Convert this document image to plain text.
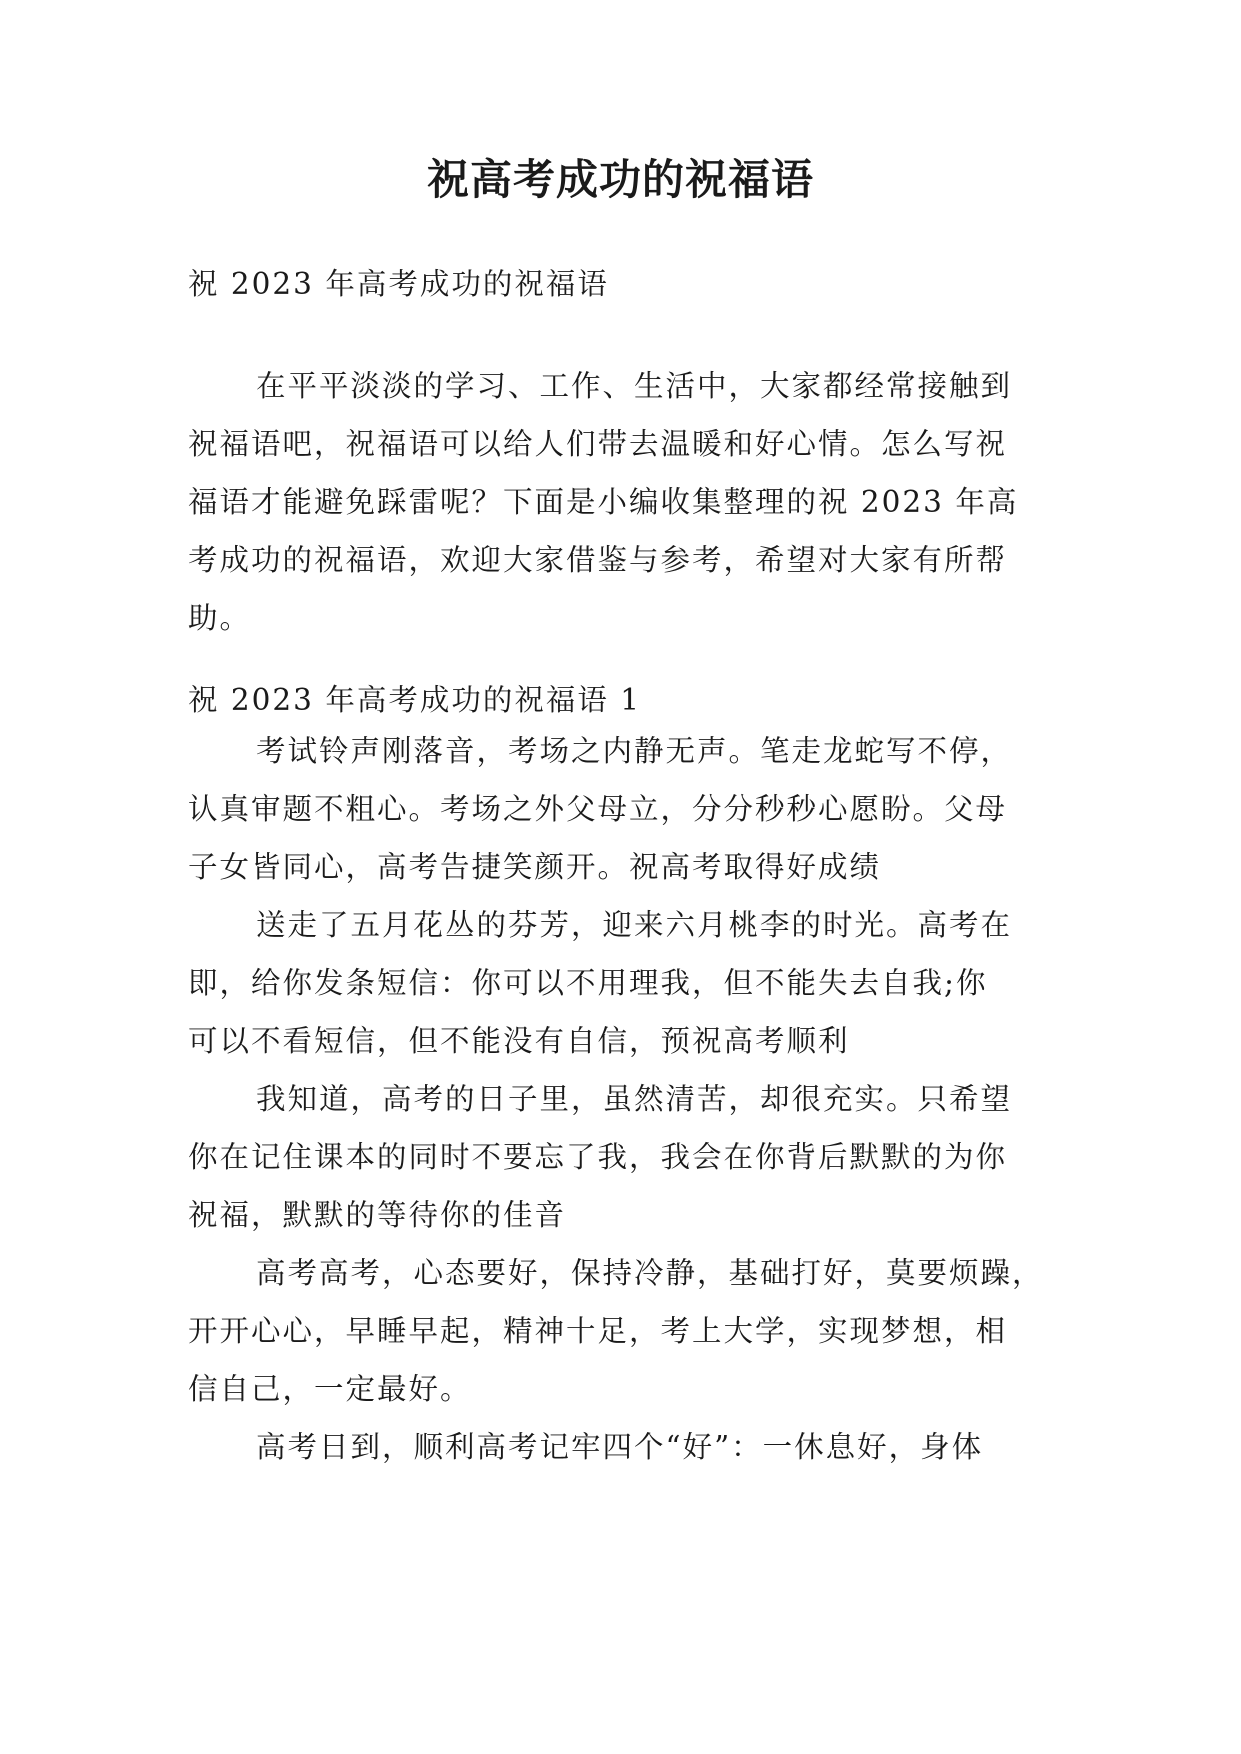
祝高考成功的祝福语

祝 2023 年高考成功的祝福语

在平平淡淡的学习、工作、生活中，大家都经常接触到
祝福语吧，祝福语可以给人们带去温暖和好心情。怎么写祝
福语才能避免踩雷呢？下面是小编收集整理的祝 2023 年高
考成功的祝福语，欢迎大家借鉴与参考，希望对大家有所帮
助。

祝 2023 年高考成功的祝福语 1

考试铃声刚落音，考场之内静无声。笔走龙蛇写不停，
认真审题不粗心。考场之外父母立，分分秒秒心愿盼。父母
子女皆同心，高考告捷笑颜开。祝高考取得好成绩
送走了五月花丛的芬芳，迎来六月桃李的时光。高考在
即，给你发条短信：你可以不用理我，但不能失去自我;你
可以不看短信，但不能没有自信，预祝高考顺利
我知道，高考的日子里，虽然清苦，却很充实。只希望
你在记住课本的同时不要忘了我，我会在你背后默默的为你
祝福，默默的等待你的佳音
高考高考，心态要好，保持冷静，基础打好，莫要烦躁，
开开心心，早睡早起，精神十足，考上大学，实现梦想，相
信自己，一定最好。
高考日到，顺利高考记牢四个“好”：一休息好，身体
